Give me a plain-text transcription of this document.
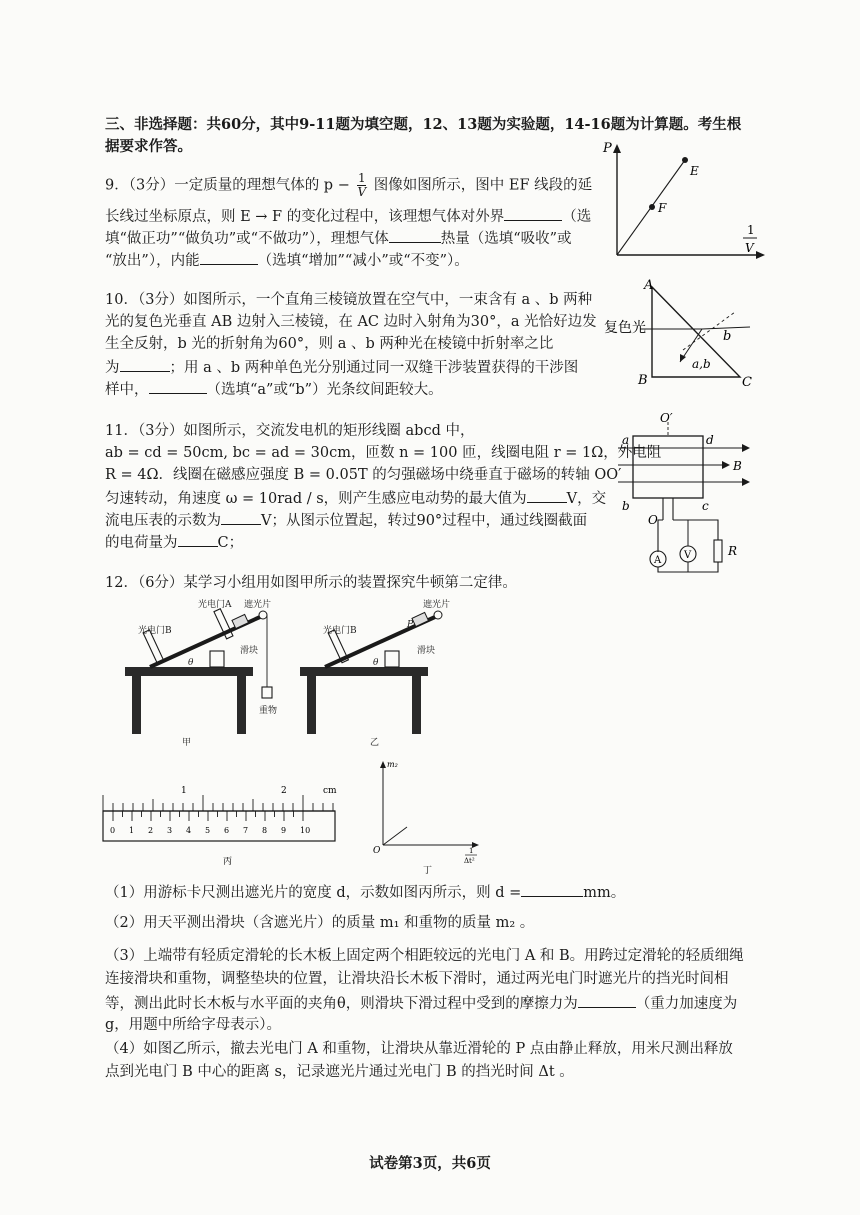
三、非选择题：共60分，其中9-11题为填空题，12、13题为实验题，14-16题为计算题。考生根
据要求作答。
9．（3分）一定质量的理想气体的 $p - \frac{1}{V}$ 图像如图所示，图中 EF 线段的延
长线过坐标原点，则 E → F 的变化过程中，该理想气体对外界	（选
填“做正功”“做负功”或“不做功”），理想气体	热量（选填“吸收”或
“放出”），内能	（选填“增加”“减小”或“不变”）。
P
E
F
1
V
10．（3分）如图所示，一个直角三棱镜放置在空气中，一束含有 a 、b 两种
光的复色光垂直 AB 边射入三棱镜，在 AC 边时入射角为30°，a 光恰好边发
生全反射，b 光的折射角为60°，则 a 、b 两种光在棱镜中折射率之比
为	；用 a 、b 两种单色光分别通过同一双缝干涉装置获得的干涉图
样中，	（选填“a”或“b”）光条纹间距较大。
A
B	C
复色光
b
a,b
11．（3分）如图所示，交流发电机的矩形线圈 abcd 中，
ab = cd = 50cm, bc = ad = 30cm，匝数 n = 100 匝，线圈电阻 r = 1Ω，外电阻
R = 4Ω．线圈在磁感应强度 B = 0.05T 的匀强磁场中绕垂直于磁场的转轴 OO′
匀速转动，角速度 ω = 10rad / s，则产生感应电动势的最大值为	V，交
流电压表的示数为	V；从图示位置起，转过90°过程中，通过线圈截面
的电荷量为	C；
O′
a	d
b	c
O
B
A V	R
12．（6分）某学习小组用如图甲所示的装置探究牛顿第二定律。
光电门A 遮光片
光电门B
滑块
重物
θ
甲
光电门B
遮光片
P
滑块
θ
乙
0 1 2 3 4 5 6 7 8 9 10
1	2	cm
丙
m₂
O	1
Δt²
丁
（1）用游标卡尺测出遮光片的宽度 d，示数如图丙所示，则 d =	mm。
（2）用天平测出滑块（含遮光片）的质量 m₁ 和重物的质量 m₂ 。
（3）上端带有轻质定滑轮的长木板上固定两个相距较远的光电门 A 和 B。用跨过定滑轮的轻质细绳
连接滑块和重物，调整垫块的位置，让滑块沿长木板下滑时，通过两光电门时遮光片的挡光时间相
等，测出此时长木板与水平面的夹角θ，则滑块下滑过程中受到的摩擦力为	（重力加速度为
g，用题中所给字母表示）。
（4）如图乙所示，撤去光电门 A 和重物，让滑块从靠近滑轮的 P 点由静止释放，用米尺测出释放
点到光电门 B 中心的距离 s，记录遮光片通过光电门 B 的挡光时间 Δt 。
试卷第3页，共6页
